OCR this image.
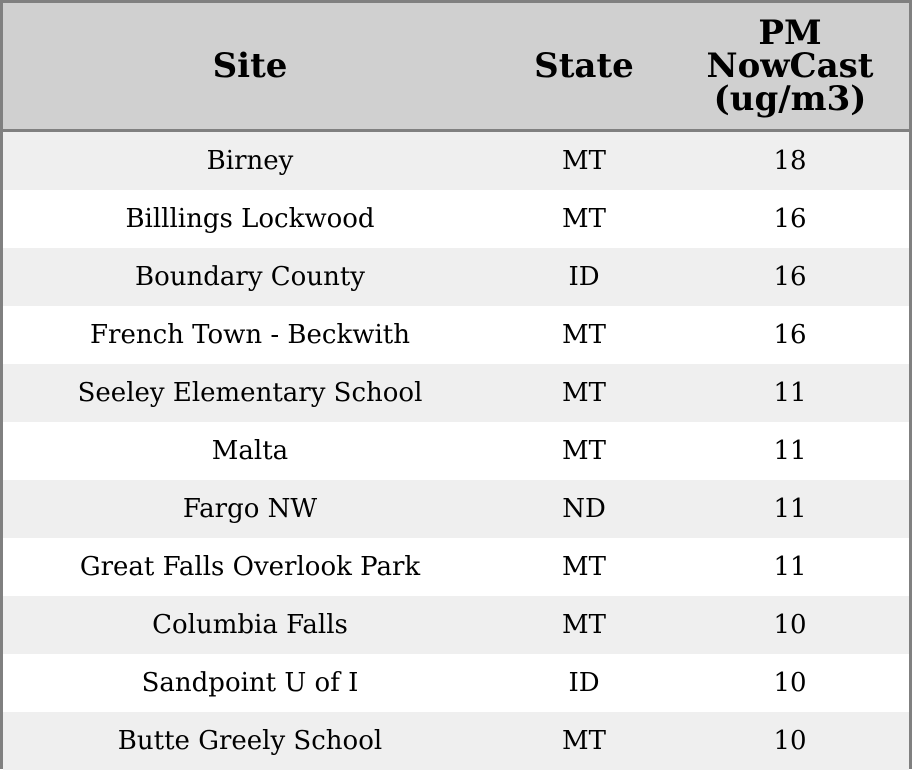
Site	State	PM
NowCast
(ug/m3)

Birney	MT	18
Billlings Lockwood	MT	16
Boundary County	ID	16
French Town - Beckwith	MT	16
Seeley Elementary School	MT	11
Malta	MT	11
Fargo NW	ND	11
Great Falls Overlook Park	MT	11
Columbia Falls	MT	10
Sandpoint U of I	ID	10
Butte Greely School	MT	10
